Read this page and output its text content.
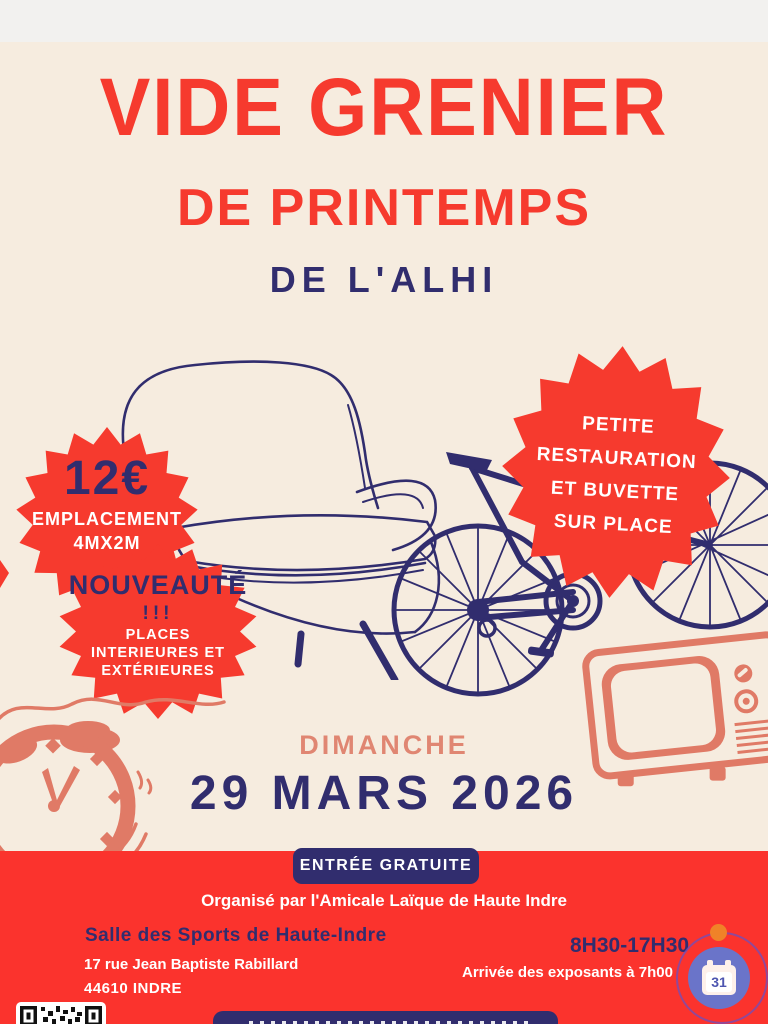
VIDE GRENIER
DE PRINTEMPS
DE L'ALHI
12€
EMPLACEMENT
4MX2M
NOUVEAUTÉ
!!!
PLACES
INTERIEURES ET
EXTÉRIEURES
PETITE
RESTAURATION
ET BUVETTE
SUR PLACE
DIMANCHE
29 MARS 2026
ENTRÉE GRATUITE
Organisé par l'Amicale Laïque de Haute Indre
Salle des Sports de Haute-Indre
17 rue Jean Baptiste Rabillard
44610 INDRE
8H30-17H30
Arrivée des exposants à 7h00
31
